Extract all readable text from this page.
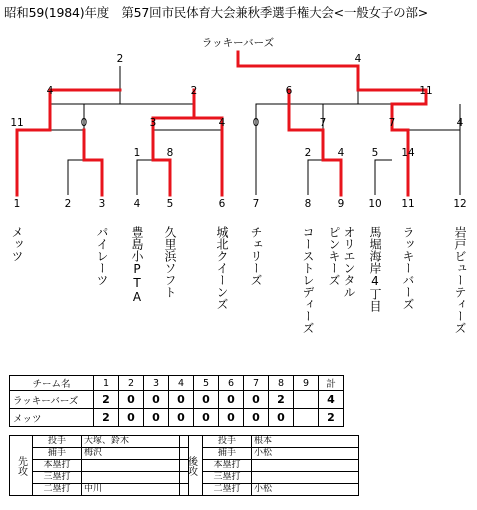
昭和59(1984)年度　第57回市民体育大会兼秋季選手権大会<一般女子の部>
ラッキーバーズ
2	4
4	2	6	11
11	0	3	4	0	7	7	4
1	8	2	4	5 14
1	2	3	4	5	6	7	8	9 10 11	12
メッツ	パイレーツ 豊島小PTA 久里浜ソフト	城北クイーンズ チェリーズ	コーストレディーズ ピンキーズ オリエンタル 馬堀海岸4丁目 ラッキーバーズ	岩戸ビューティーズ
チーム名	1	2	3	4	5	6	7	8	9	計
ラッキーバーズ	2	0	0	0	0	0	0	2		4
メッツ	2	0	0	0	0	0	0	0		2
先攻	投手	大塚、鈴木
	捕手	梅沢
	本塁打	
	三塁打	
	二塁打	中川
後攻	投手	根本
	捕手	小松
	本塁打	
	三塁打	
	二塁打	小松
